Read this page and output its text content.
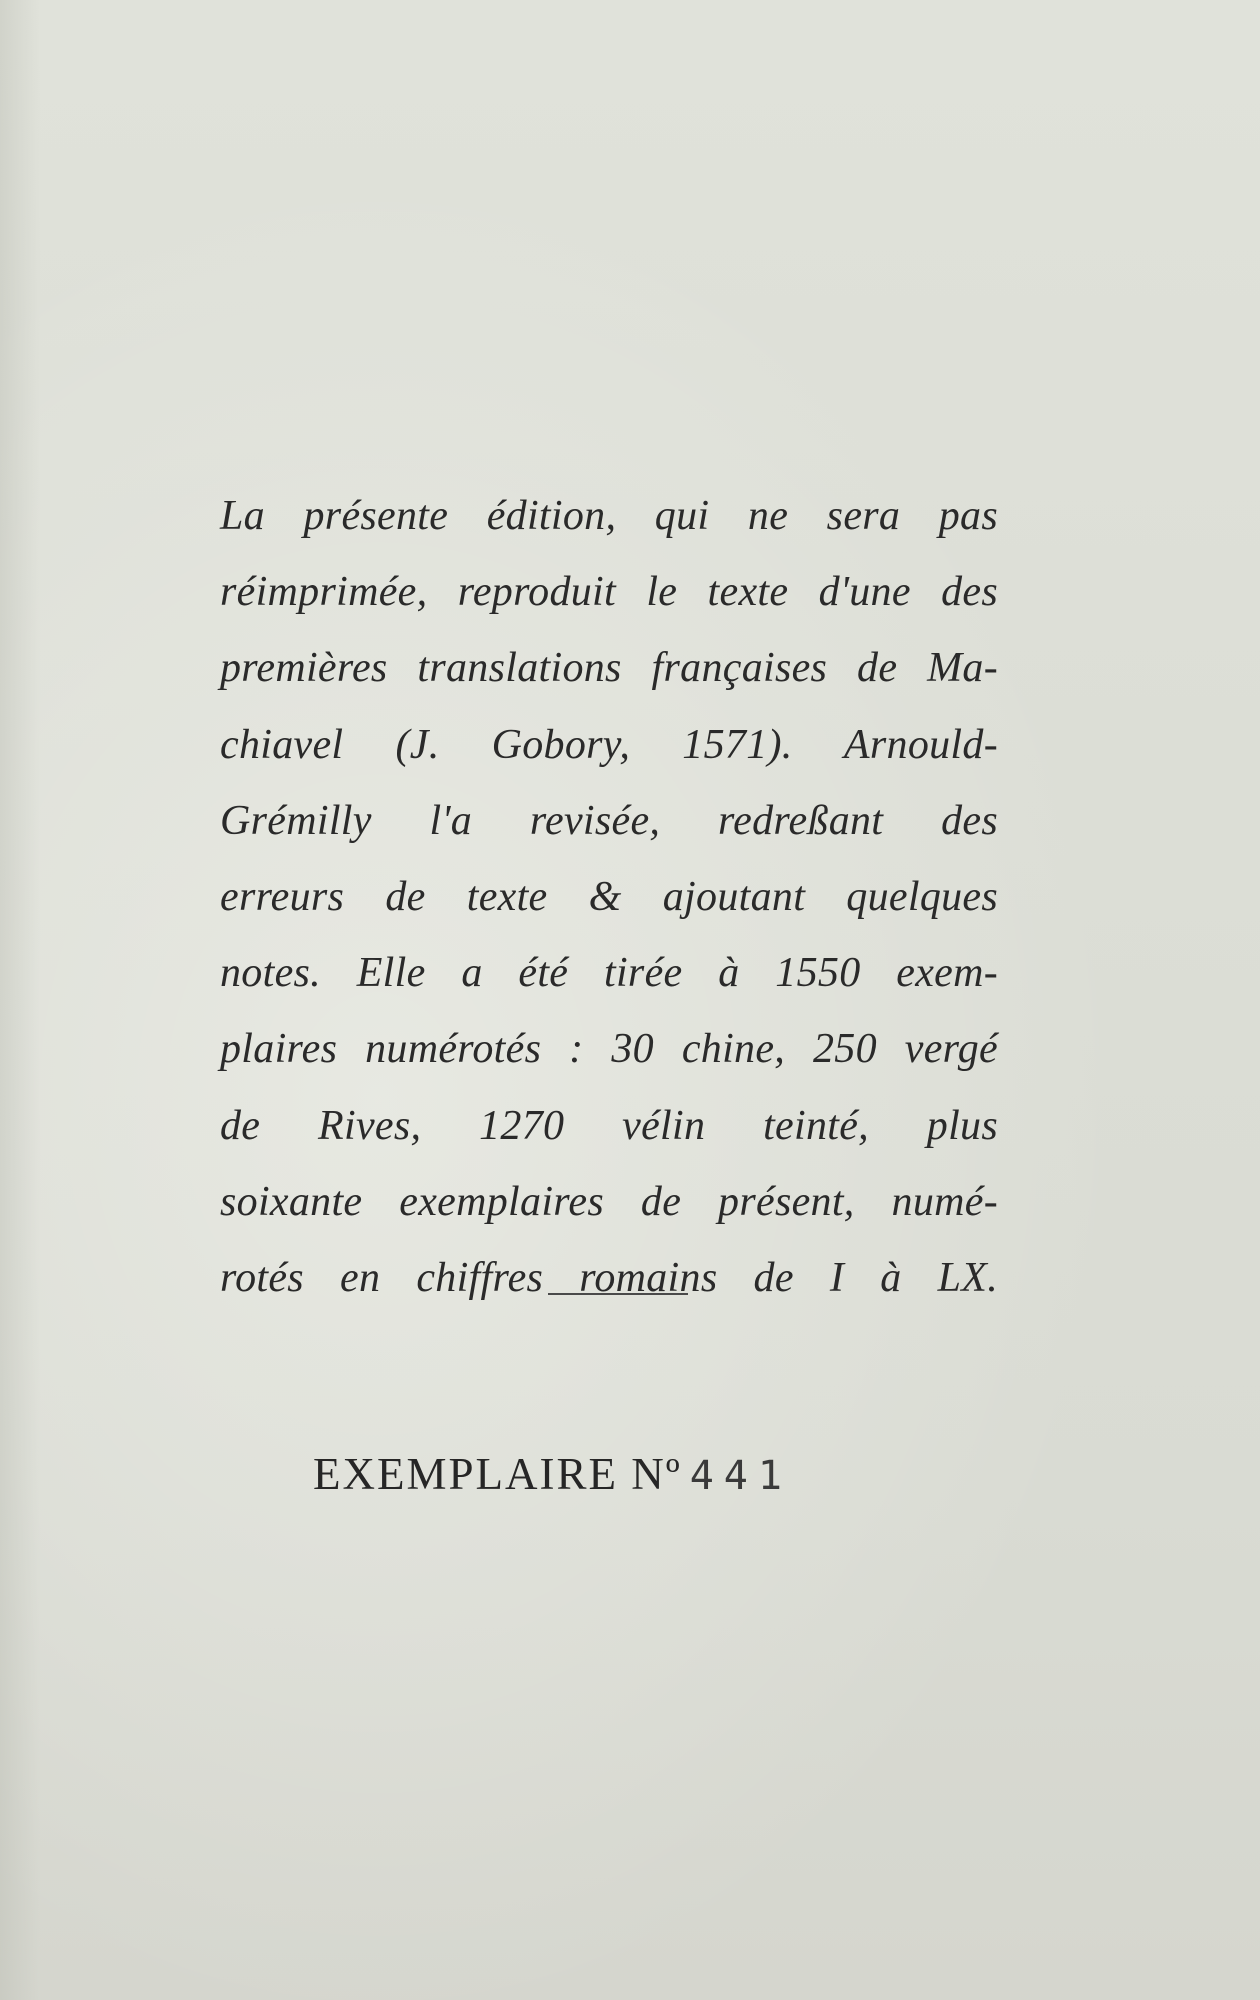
La présente édition, qui ne sera pas
réimprimée, reproduit le texte d'une des
premières translations françaises de Ma-
chiavel (J. Gobory, 1571). Arnould-
Grémilly l'a revisée, redreßant des
erreurs de texte & ajoutant quelques
notes. Elle a été tirée à 1550 exem-
plaires numérotés : 30 chine, 250 vergé
de Rives, 1270 vélin teinté, plus
soixante exemplaires de présent, numé-
rotés en chiffres romains de I à LX.

EXEMPLAIRE Nº 441
